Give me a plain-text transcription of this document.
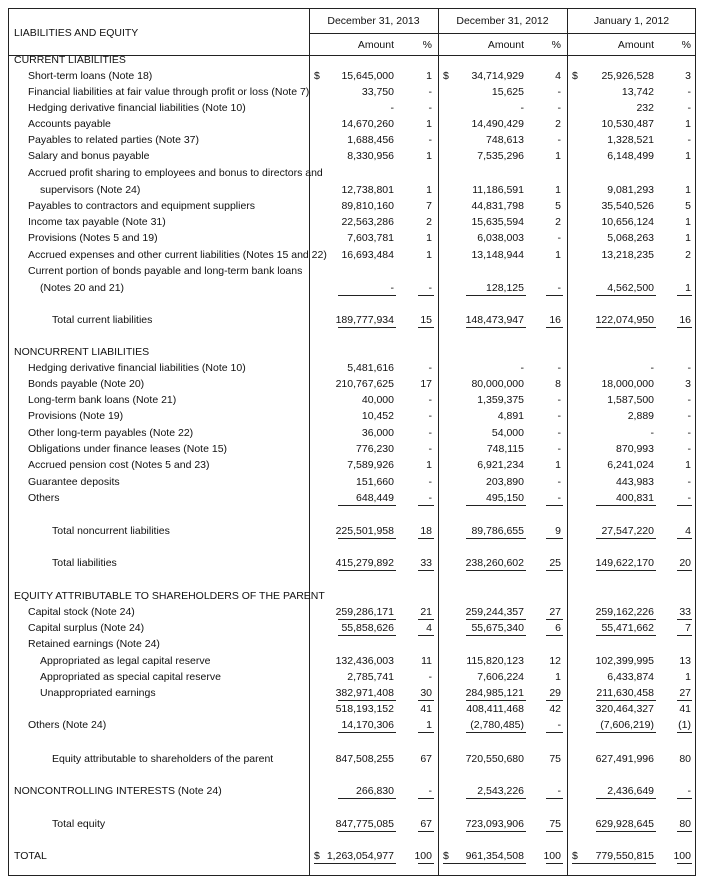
LIABILITIES AND EQUITY
December 31, 2013
Amount	%
December 31, 2012
Amount	%
January 1, 2012
Amount	%
CURRENT LIABILITIES
Short-term loans (Note 18)	$	15,645,000	1 $	34,714,929	4 $	25,926,528	3
Financial liabilities at fair value through profit or loss (Note 7)	33,750	-	15,625	-	13,742	-
Hedging derivative financial liabilities (Note 10)	-	-	-	-	232	-
Accounts payable	14,670,260	1	14,490,429	2	10,530,487	1
Payables to related parties (Note 37)	1,688,456	-	748,613	-	1,328,521	-
Salary and bonus payable	8,330,956	1	7,535,296	1	6,148,499	1
Accrued profit sharing to employees and bonus to directors and
supervisors (Note 24)	12,738,801	1	11,186,591	1	9,081,293	1
Payables to contractors and equipment suppliers	89,810,160	7	44,831,798	5	35,540,526	5
Income tax payable (Note 31)	22,563,286	2	15,635,594	2	10,656,124	1
Provisions (Notes 5 and 19)	7,603,781	1	6,038,003	-	5,068,263	1
Accrued expenses and other current liabilities (Notes 15 and 22)	16,693,484	1	13,148,944	1	13,218,235	2
Current portion of bonds payable and long-term bank loans
(Notes 20 and 21)	-	-	128,125	-	4,562,500	1
Total current liabilities	189,777,934	15	148,473,947	16	122,074,950	16
NONCURRENT LIABILITIES
Hedging derivative financial liabilities (Note 10)	5,481,616	-	-	-	-	-
Bonds payable (Note 20)	210,767,625	17	80,000,000	8	18,000,000	3
Long-term bank loans (Note 21)	40,000	-	1,359,375	-	1,587,500	-
Provisions (Note 19)	10,452	-	4,891	-	2,889	-
Other long-term payables (Note 22)	36,000	-	54,000	-	-	-
Obligations under finance leases (Note 15)	776,230	-	748,115	-	870,993	-
Accrued pension cost (Notes 5 and 23)	7,589,926	1	6,921,234	1	6,241,024	1
Guarantee deposits	151,660	-	203,890	-	443,983	-
Others	648,449	-	495,150	-	400,831	-
Total noncurrent liabilities	225,501,958	18	89,786,655	9	27,547,220	4
Total liabilities	415,279,892	33	238,260,602	25	149,622,170	20
EQUITY ATTRIBUTABLE TO SHAREHOLDERS OF THE PARENT
Capital stock (Note 24)	259,286,171	21	259,244,357	27	259,162,226	33
Capital surplus (Note 24)	55,858,626	4	55,675,340	6	55,471,662	7
Retained earnings (Note 24)
Appropriated as legal capital reserve	132,436,003	11	115,820,123	12	102,399,995	13
Appropriated as special capital reserve	2,785,741	-	7,606,224	1	6,433,874	1
Unappropriated earnings	382,971,408	30	284,985,121	29	211,630,458	27
518,193,152	41	408,411,468	42	320,464,327	41
Others (Note 24)	14,170,306	1	(2,780,485)	-	(7,606,219)	(1)
Equity attributable to shareholders of the parent	847,508,255	67	720,550,680	75	627,491,996	80
NONCONTROLLING INTERESTS (Note 24)	266,830	-	2,543,226	-	2,436,649	-
Total equity	847,775,085	67	723,093,906	75	629,928,645	80
TOTAL	$ 1,263,054,977	100 $	961,354,508	100 $	779,550,815	100
